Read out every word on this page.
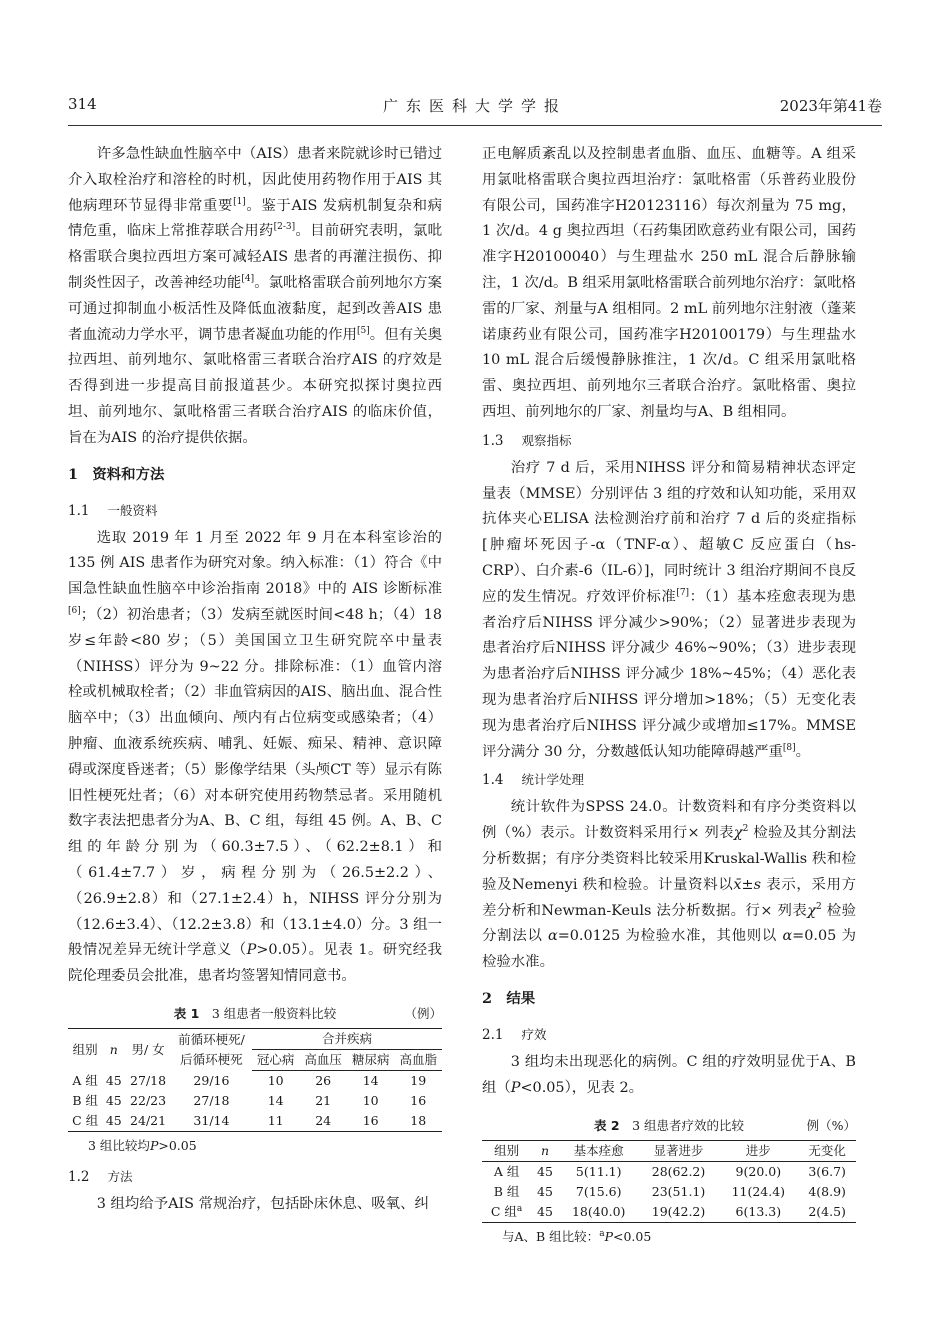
314	广东医科大学学报	2023年第41卷

许多急性缺血性脑卒中（AIS）患者来院就诊时已错过介入取栓治疗和溶栓的时机，因此使用药物作用于AIS 其他病理环节显得非常重要[1]。鉴于AIS 发病机制复杂和病情危重，临床上常推荐联合用药[2-3]。目前研究表明，氯吡格雷联合奥拉西坦方案可减轻AIS 患者的再灌注损伤、抑制炎性因子，改善神经功能[4]。氯吡格雷联合前列地尔方案可通过抑制血小板活性及降低血液黏度，起到改善AIS 患者血流动力学水平，调节患者凝血功能的作用[5]。但有关奥拉西坦、前列地尔、氯吡格雷三者联合治疗AIS 的疗效是否得到进一步提高目前报道甚少。本研究拟探讨奥拉西坦、前列地尔、氯吡格雷三者联合治疗AIS 的临床价值，旨在为AIS 的治疗提供依据。

1　资料和方法
1.1 一般资料

选取 2019 年 1 月至 2022 年 9 月在本科室诊治的 135 例 AIS 患者作为研究对象。纳入标准：（1）符合《中国急性缺血性脑卒中诊治指南 2018》中的 AIS 诊断标准[6]；（2）初治患者；（3）发病至就医时间<48 h；（4）18 岁≤年龄<80 岁；（5）美国国立卫生研究院卒中量表（NIHSS）评分为 9~22 分。排除标准：（1）血管内溶栓或机械取栓者；（2）非血管病因的AIS、脑出血、混合性脑卒中；（3）出血倾向、颅内有占位病变或感染者；（4）肿瘤、血液系统疾病、哺乳、妊娠、痴呆、精神、意识障碍或深度昏迷者；（5）影像学结果（头颅CT 等）显示有陈旧性梗死灶者；（6）对本研究使用药物禁忌者。采用随机数字表法把患者分为A、B、C 组，每组 45 例。A、B、C 组的年龄分别为（60.3±7.5）、（62.2±8.1）和（61.4±7.7）岁，病程分别为（26.5±2.2）、（26.9±2.8）和（27.1±2.4）h，NIHSS 评分分别为（12.6±3.4）、（12.2±3.8）和（13.1±4.0）分。3 组一般情况差异无统计学意义（P>0.05）。见表 1。研究经我院伦理委员会批准，患者均签署知情同意书。

表 1　 3 组患者一般资料比较	（例）
组别	n	男/ 女	前循环梗死/
后循环梗死	合并疾病			
				冠心病	高血压	糖尿病	高血脂
A 组	45	27/18	29/16	10	26	14	19
B 组	45	22/23	27/18	14	21	10	16
C 组	45	24/21	31/14	11	24	16	18
3 组比较均P>0.05
1.2 方法

3 组均给予AIS 常规治疗，包括卧床休息、吸氧、纠

正电解质紊乱以及控制患者血脂、血压、血糖等。A 组采用氯吡格雷联合奥拉西坦治疗：氯吡格雷（乐普药业股份有限公司，国药准字H20123116）每次剂量为 75 mg，1 次/d。4 g 奥拉西坦（石药集团欧意药业有限公司，国药准字H20100040）与生理盐水 250 mL 混合后静脉输注，1 次/d。B 组采用氯吡格雷联合前列地尔治疗：氯吡格雷的厂家、剂量与A 组相同。2 mL 前列地尔注射液（蓬莱诺康药业有限公司，国药准字H20100179）与生理盐水 10 mL 混合后缓慢静脉推注，1 次/d。C 组采用氯吡格雷、奥拉西坦、前列地尔三者联合治疗。氯吡格雷、奥拉西坦、前列地尔的厂家、剂量均与A、B 组相同。

1.3 观察指标

治疗 7 d 后，采用NIHSS 评分和简易精神状态评定量表（MMSE）分别评估 3 组的疗效和认知功能，采用双抗体夹心ELISA 法检测治疗前和治疗 7 d 后的炎症指标[肿瘤坏死因子-α（TNF-α）、超敏C 反应蛋白（hs-CRP）、白介素-6（IL-6）]，同时统计 3 组治疗期间不良反应的发生情况。疗效评价标准[7]：（1）基本痊愈表现为患者治疗后NIHSS 评分减少>90%；（2）显著进步表现为患者治疗后NIHSS 评分减少 46%~90%；（3）进步表现为患者治疗后NIHSS 评分减少 18%~45%；（4）恶化表现为患者治疗后NIHSS 评分增加>18%；（5）无变化表现为患者治疗后NIHSS 评分减少或增加≤17%。MMSE 评分满分 30 分，分数越低认知功能障碍越严重[8]。

1.4 统计学处理

统计软件为SPSS 24.0。计数资料和有序分类资料以例（%）表示。计数资料采用行× 列表$\chi^2$ 检验及其分割法分析数据；有序分类资料比较采用Kruskal-Wallis 秩和检验及Nemenyi 秩和检验。计量资料以x̄±s 表示，采用方差分析和Newman-Keuls 法分析数据。行× 列表$\chi^2$ 检验分割法以 α=0.0125 为检验水准，其他则以 α=0.05 为检验水准。

2　结果
2.1 疗效

3 组均未出现恶化的病例。C 组的疗效明显优于A、B 组（P<0.05），见表 2。

表 2　 3 组患者疗效的比较	例（%）
组别	n	基本痊愈	显著进步	进步	无变化
A 组	45	5(11.1)	28(62.2)	9(20.0)	3(6.7)
B 组	45	7(15.6)	23(51.1)	11(24.4)	4(8.9)
C 组$^a$	45	18(40.0)	19(42.2)	6(13.3)	2(4.5)
与A、B 组比较：$^a$P<0.05
